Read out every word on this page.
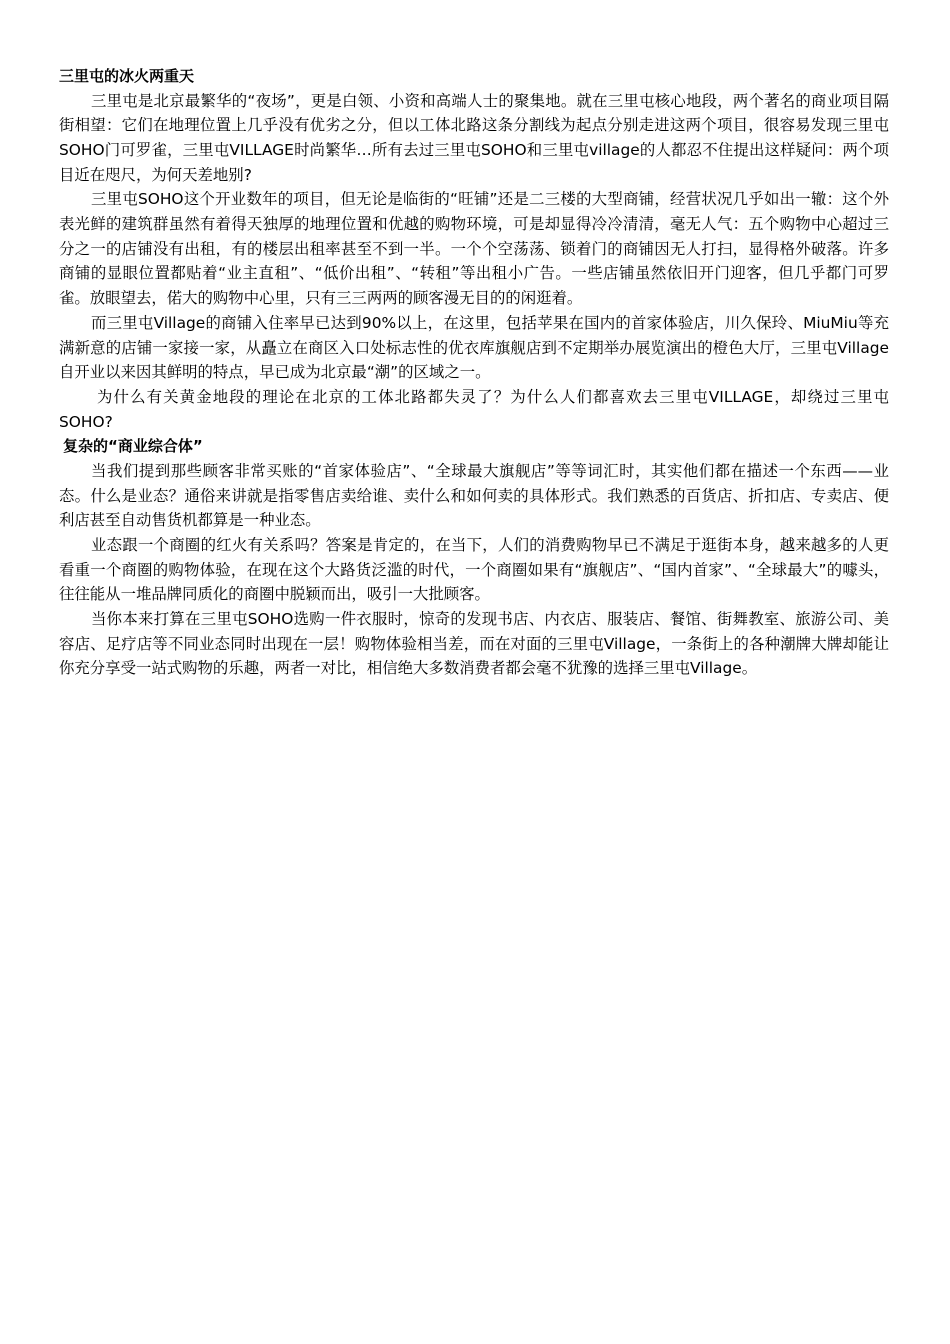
三里屯的冰火两重天

三里屯是北京最繁华的“夜场”，更是白领、小资和高端人士的聚集地。就在三里屯核心地段，两个著名的商业项目隔街相望：它们在地理位置上几乎没有优劣之分，但以工体北路这条分割线为起点分别走进这两个项目，很容易发现三里屯SOHO门可罗雀，三里屯VILLAGE时尚繁华…所有去过三里屯SOHO和三里屯village的人都忍不住提出这样疑问：两个项目近在咫尺，为何天差地别?

三里屯SOHO这个开业数年的项目，但无论是临街的“旺铺”还是二三楼的大型商铺，经营状况几乎如出一辙：这个外表光鲜的建筑群虽然有着得天独厚的地理位置和优越的购物环境，可是却显得冷冷清清，毫无人气：五个购物中心超过三分之一的店铺没有出租，有的楼层出租率甚至不到一半。一个个空荡荡、锁着门的商铺因无人打扫，显得格外破落。许多商铺的显眼位置都贴着“业主直租”、“低价出租”、“转租”等出租小广告。一些店铺虽然依旧开门迎客，但几乎都门可罗雀。放眼望去，偌大的购物中心里，只有三三两两的顾客漫无目的的闲逛着。

而三里屯Village的商铺入住率早已达到90%以上，在这里，包括苹果在国内的首家体验店，川久保玲、MiuMiu等充满新意的店铺一家接一家，从矗立在商区入口处标志性的优衣库旗舰店到不定期举办展览演出的橙色大厅，三里屯Village自开业以来因其鲜明的特点，早已成为北京最“潮”的区域之一。

为什么有关黄金地段的理论在北京的工体北路都失灵了？为什么人们都喜欢去三里屯VILLAGE，却绕过三里屯SOHO?

复杂的“商业综合体”

当我们提到那些顾客非常买账的“首家体验店”、“全球最大旗舰店”等等词汇时，其实他们都在描述一个东西——业态。什么是业态？通俗来讲就是指零售店卖给谁、卖什么和如何卖的具体形式。我们熟悉的百货店、折扣店、专卖店、便利店甚至自动售货机都算是一种业态。

业态跟一个商圈的红火有关系吗？答案是肯定的，在当下，人们的消费购物早已不满足于逛街本身，越来越多的人更看重一个商圈的购物体验，在现在这个大路货泛滥的时代，一个商圈如果有“旗舰店”、“国内首家”、“全球最大”的噱头，往往能从一堆品牌同质化的商圈中脱颖而出，吸引一大批顾客。

当你本来打算在三里屯SOHO选购一件衣服时，惊奇的发现书店、内衣店、服装店、餐馆、街舞教室、旅游公司、美容店、足疗店等不同业态同时出现在一层！购物体验相当差，而在对面的三里屯Village，一条街上的各种潮牌大牌却能让你充分享受一站式购物的乐趣，两者一对比，相信绝大多数消费者都会毫不犹豫的选择三里屯Village。
